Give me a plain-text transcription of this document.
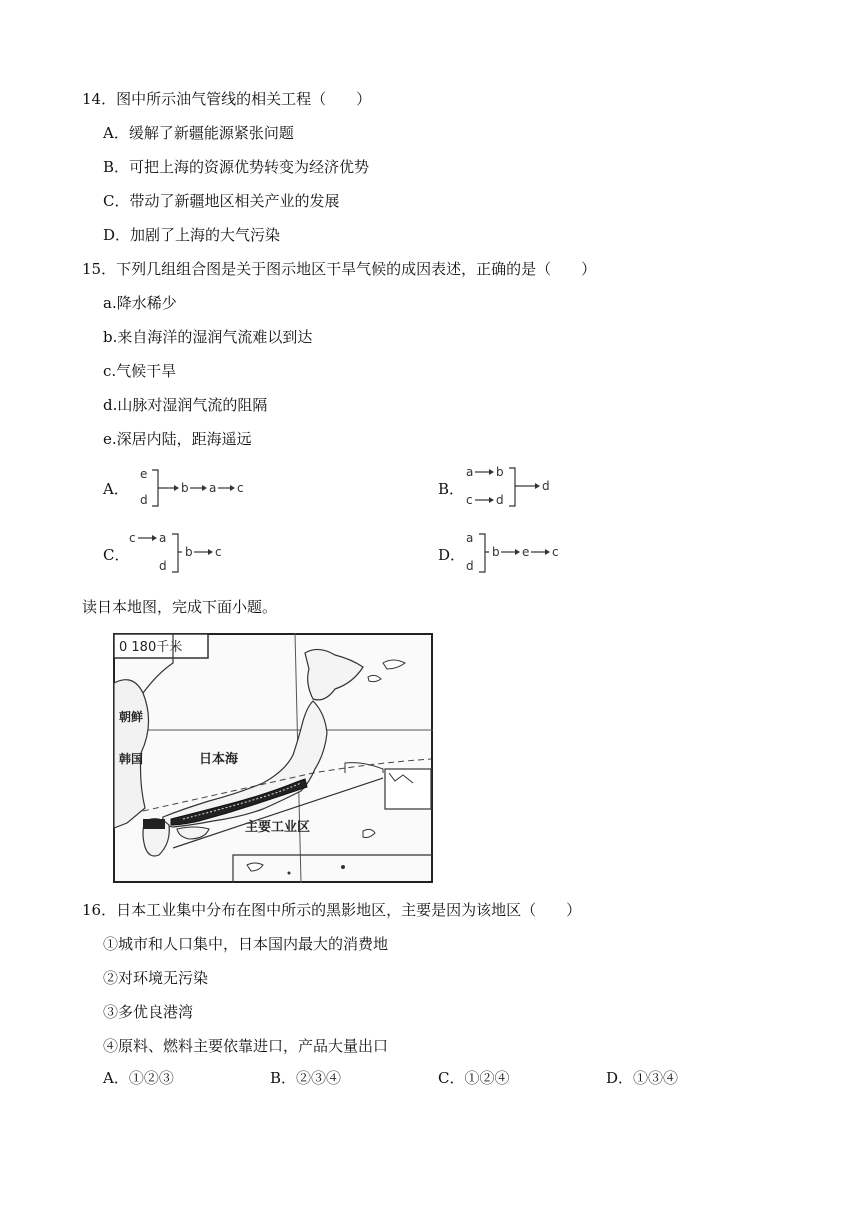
14．图中所示油气管线的相关工程（　　）
A．缓解了新疆能源紧张问题
B．可把上海的资源优势转变为经济优势
C．带动了新疆地区相关产业的发展
D．加剧了上海的大气污染
15．下列几组组合图是关于图示地区干旱气候的成因表述，正确的是（　　）
a.降水稀少
b.来自海洋的湿润气流难以到达
c.气候干旱
d.山脉对湿润气流的阻隔
e.深居内陆，距海遥远
A．
e
d
b a c	B．
a b
c d
d
C．
c a
d
b c	D．
a
d
b e c
读日本地图，完成下面小题。
0 180千米
朝鲜
韩国	日本海
主要工业区
16．日本工业集中分布在图中所示的黑影地区，主要是因为该地区（　　）
①城市和人口集中，日本国内最大的消费地
②对环境无污染
③多优良港湾
④原料、燃料主要依靠进口，产品大量出口
A．①②③	B．②③④	C．①②④	D．①③④
